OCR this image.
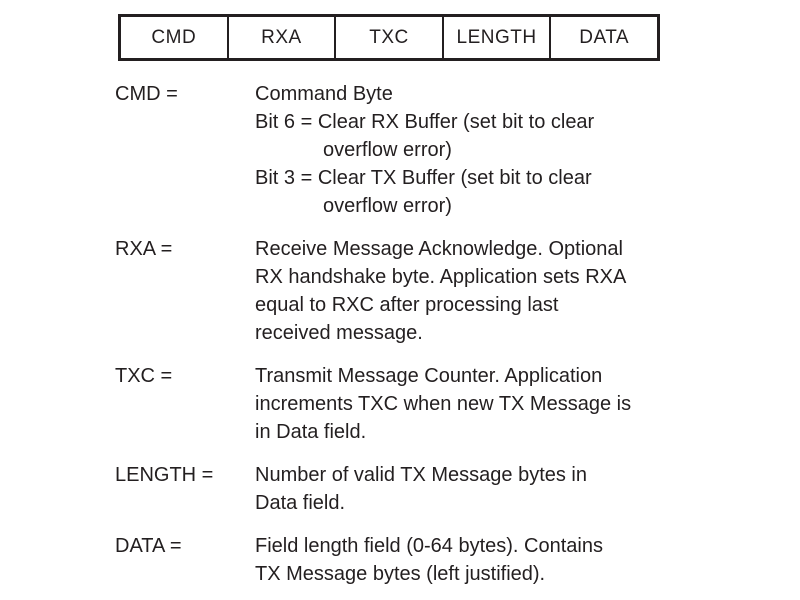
CMD	RXA	TXC	LENGTH	DATA
CMD =	Command Byte
Bit 6 = Clear RX Buffer (set bit to clear
overflow error)
Bit 3 = Clear TX Buffer (set bit to clear
overflow error)
RXA =	Receive Message Acknowledge. Optional
RX handshake byte. Application sets RXA
equal to RXC after processing last
received message.
TXC =	Transmit Message Counter. Application
increments TXC when new TX Message is
in Data field.
LENGTH =	Number of valid TX Message bytes in
Data field.
DATA =	Field length field (0-64 bytes). Contains
TX Message bytes (left justified).
